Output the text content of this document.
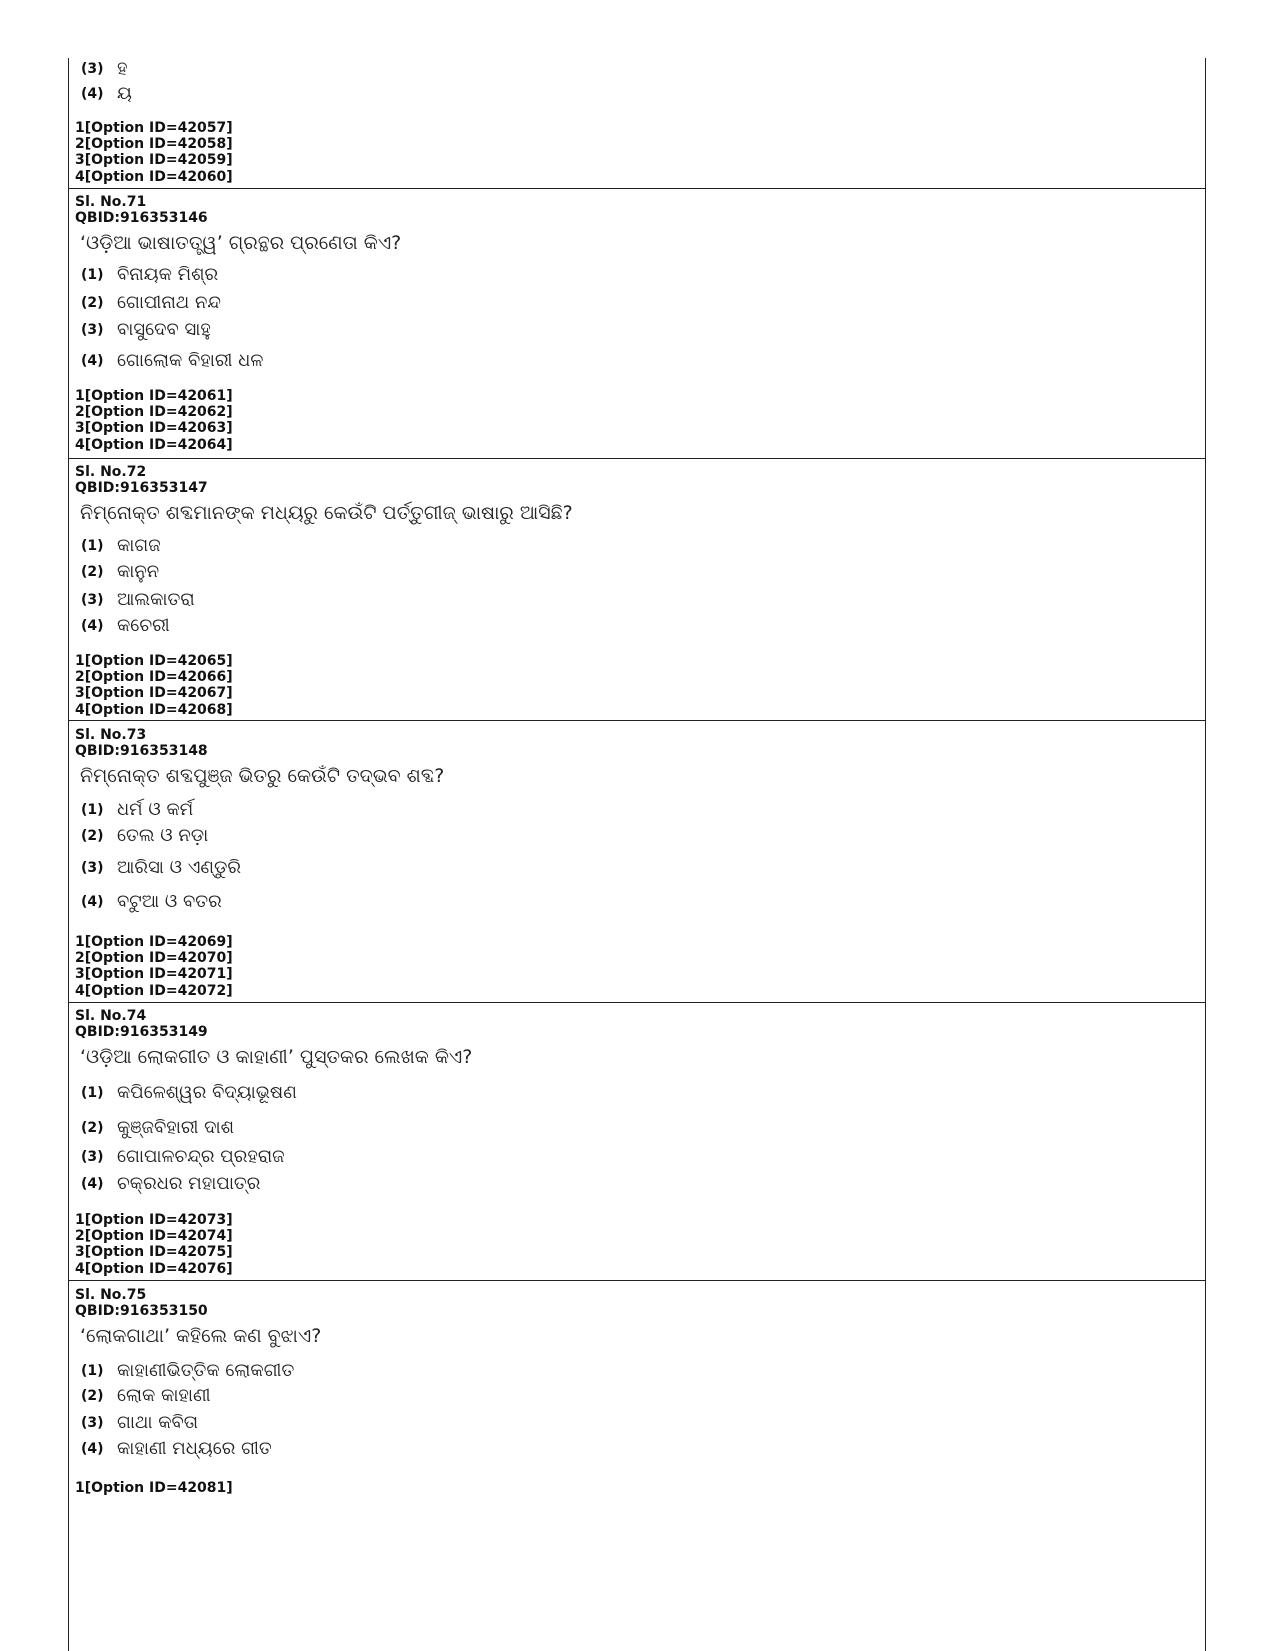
(3) ହ
(4) ୟ
1[Option ID=42057]
2[Option ID=42058]
3[Option ID=42059]
4[Option ID=42060]
Sl. No.71
QBID:916353146
‘ଓଡ଼ିଆ ଭାଷାତତ୍ତ୍ୱ’ ଗ୍ରନ୍ଥର ପ୍ରଣେତା କିଏ?
(1) ବିନାୟକ ମିଶ୍ର
(2) ଗୋପୀନାଥ ନନ୍ଦ
(3) ବାସୁଦେବ ସାହୁ
(4) ଗୋଲୋକ ବିହାରୀ ଧଳ
1[Option ID=42061]
2[Option ID=42062]
3[Option ID=42063]
4[Option ID=42064]
Sl. No.72
QBID:916353147
ନିମ୍ନୋକ୍ତ ଶବ୍ଦମାନଙ୍କ ମଧ୍ୟରୁ କେଉଁଟି ପର୍ତ୍ତୁଗୀଜ୍ ଭାଷାରୁ ଆସିଛି?
(1) କାଗଜ
(2) କାନୁନ
(3) ଆଲକାତରା
(4) କଚେରୀ
1[Option ID=42065]
2[Option ID=42066]
3[Option ID=42067]
4[Option ID=42068]
Sl. No.73
QBID:916353148
ନିମ୍ନୋକ୍ତ ଶବ୍ଦପୁଞ୍ଜ ଭିତରୁ କେଉଁଟି ତଦ୍ଭବ ଶବ୍ଦ?
(1) ଧର୍ମ ଓ କର୍ମ
(2) ତେଲ ଓ ନଡ଼ା
(3) ଆରିସା ଓ ଏଣ୍ଡୁରି
(4) ବଟୁଆ ଓ ବତର
1[Option ID=42069]
2[Option ID=42070]
3[Option ID=42071]
4[Option ID=42072]
Sl. No.74
QBID:916353149
‘ଓଡ଼ିଆ ଲୋକଗୀତ ଓ କାହାଣୀ’ ପୁସ୍ତକର ଲେଖକ କିଏ?
(1) କପିଳେଶ୍ୱର ବିଦ୍ୟାଭୂଷଣ
(2) କୁଞ୍ଜବିହାରୀ ଦାଶ
(3) ଗୋପାଳଚନ୍ଦ୍ର ପ୍ରହରାଜ
(4) ଚକ୍ରଧର ମହାପାତ୍ର
1[Option ID=42073]
2[Option ID=42074]
3[Option ID=42075]
4[Option ID=42076]
Sl. No.75
QBID:916353150
‘ଲୋକଗାଥା’ କହିଲେ କଣ ବୁଝାଏ?
(1) କାହାଣୀଭିତ୍ତିକ ଲୋକଗୀତ
(2) ଲୋକ କାହାଣୀ
(3) ଗାଥା କବିତା
(4) କାହାଣୀ ମଧ୍ୟରେ ଗୀତ
1[Option ID=42081]
